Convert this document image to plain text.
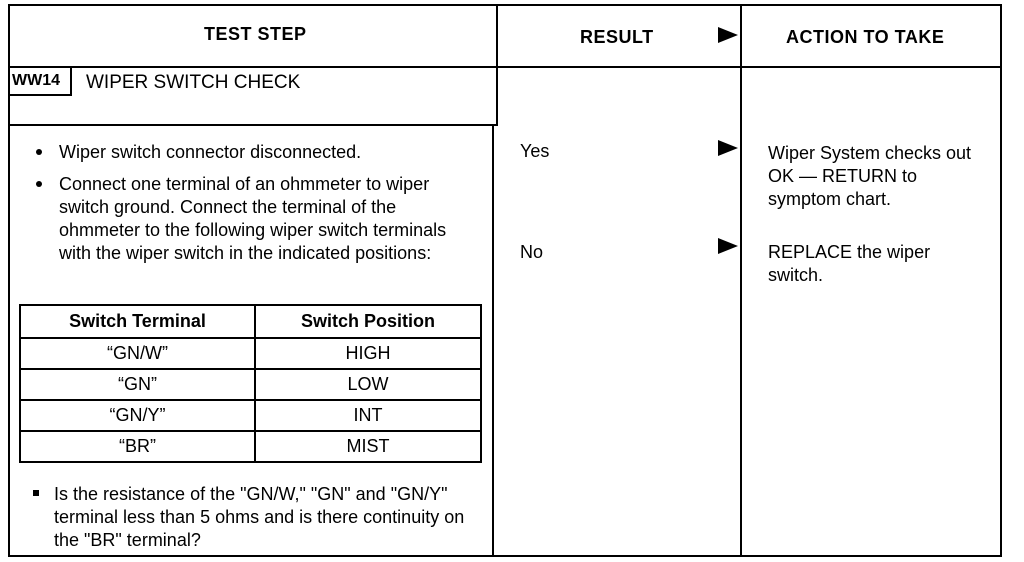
TEST STEP	RESULT	ACTION TO TAKE
WW14	WIPER SWITCH CHECK
Wiper switch connector disconnected.
Connect one terminal of an ohmmeter to wiper switch ground. Connect the terminal of the ohmmeter to the following wiper switch terminals with the wiper switch in the indicated positions:
Switch Terminal	Switch Position
“GN/W”	HIGH
“GN”	LOW
“GN/Y”	INT
“BR”	MIST
Is the resistance of the "GN/W," "GN" and "GN/Y" terminal less than 5 ohms and is there continuity on the "BR" terminal?
Yes	Wiper System checks out OK — RETURN to symptom chart.
No	REPLACE the wiper switch.
